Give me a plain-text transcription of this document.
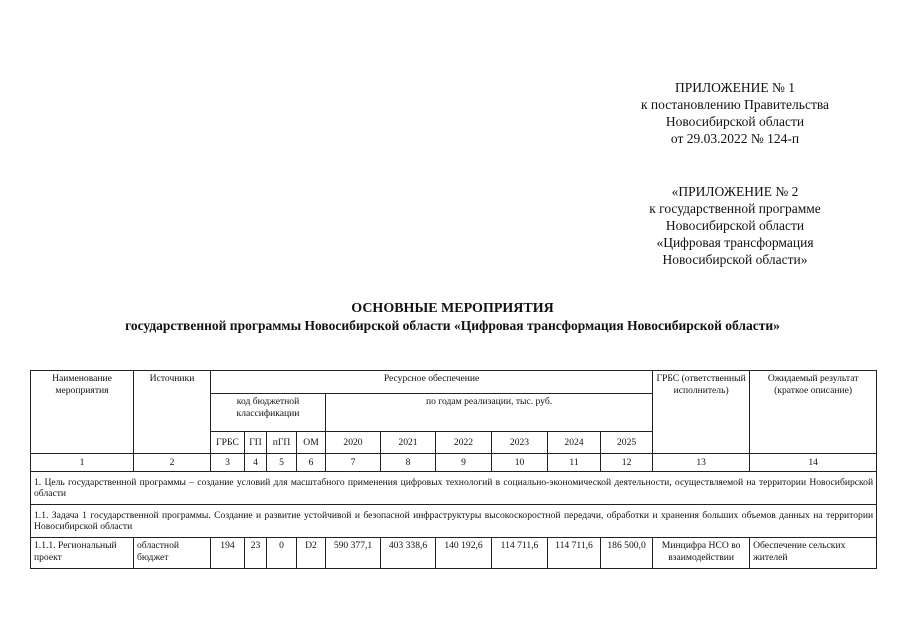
ПРИЛОЖЕНИЕ № 1
к постановлению Правительства
Новосибирской области
от 29.03.2022 № 124-п
«ПРИЛОЖЕНИЕ № 2
к государственной программе
Новосибирской области
«Цифровая трансформация
Новосибирской области»
ОСНОВНЫЕ МЕРОПРИЯТИЯ
государственной программы Новосибирской области «Цифровая трансформация Новосибирской области»
Наименование мероприятия	Источники	Ресурсное обеспечение										ГРБС (ответственный исполнитель)	Ожидаемый результат (краткое описание)
		код бюджетной классификации				по годам реализации, тыс. руб.							
		ГРБС	ГП	пГП	ОМ	2020	2021	2022	2023	2024	2025		
1	2	3	4	5	6	7	8	9	10	11	12	13	14
1. Цель государственной программы – создание условий для масштабного применения цифровых технологий в социально-экономической деятельности, осуществляемой на территории Новосибирской области													
1.1. Задача 1 государственной программы. Создание и развитие устойчивой и безопасной инфраструктуры высокоскоростной передачи, обработки и хранения больших объемов данных на территории Новосибирской области													
1.1.1. Региональный проект	областной бюджет	194	23	0	D2	590 377,1	403 338,6	140 192,6	114 711,6	114 711,6	186 500,0	Минцифра НСО во взаимодействии	Обеспечение сельских жителей
